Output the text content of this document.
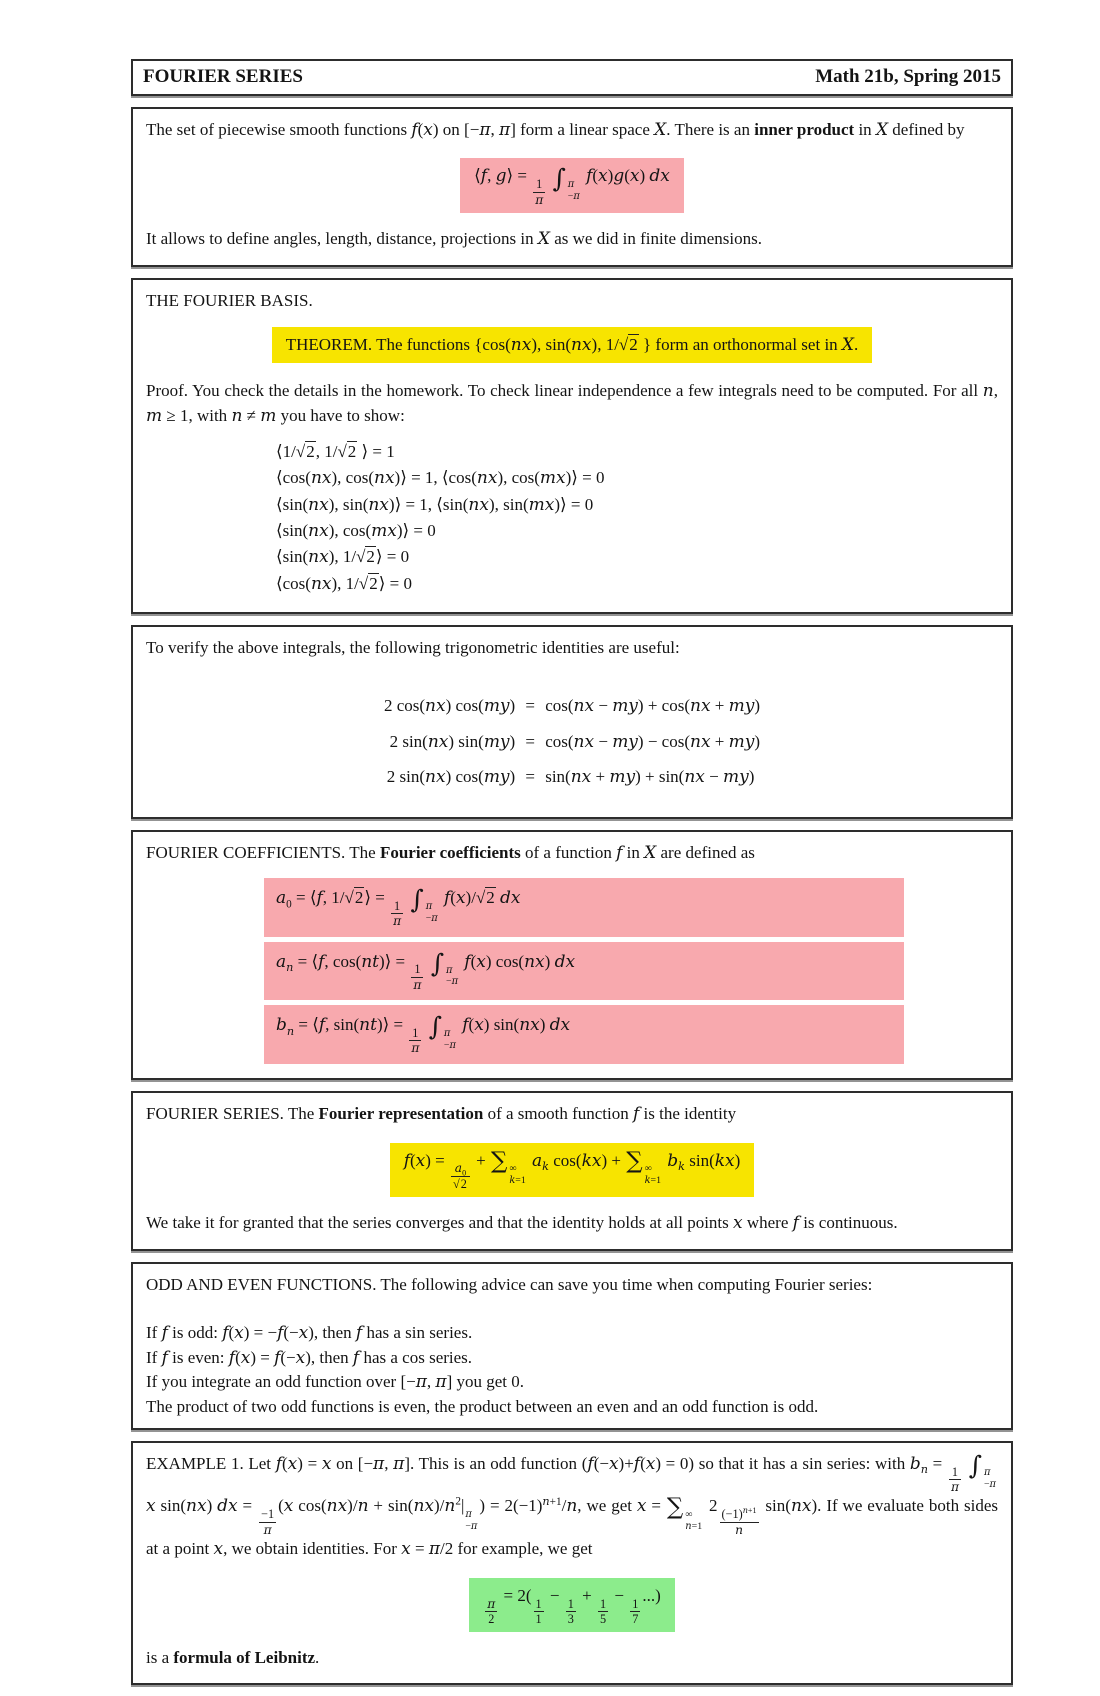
FOURIER SERIES	Math 21b, Spring 2015

The set of piecewise smooth functions f(x) on [−π, π] form a linear space X. There is an inner product in X defined by

⟨f, g⟩ =
$\frac{1}{\pi}$ ∫ π
−π
f(x)g(x) dx

It allows to define angles, length, distance, projections in X as we did in finite dimensions.

THE FOURIER BASIS.

THEOREM. The functions {cos(nx), sin(nx), 1/√2 } form an orthonormal set in X.

Proof. You check the details in the homework. To check linear independence a few integrals need to be computed. For all n, m ≥ 1, with n ≠ m you have to show:

⟨1/√2, 1/√2 ⟩ = 1
⟨cos(nx), cos(nx)⟩ = 1, ⟨cos(nx), cos(mx)⟩ = 0
⟨sin(nx), sin(nx)⟩ = 1, ⟨sin(nx), sin(mx)⟩ = 0
⟨sin(nx), cos(mx)⟩ = 0
⟨sin(nx), 1/√2⟩ = 0
⟨cos(nx), 1/√2⟩ = 0

To verify the above integrals, the following trigonometric identities are useful:

2 cos(nx) cos(my) = cos(nx − my) + cos(nx + my)
2 sin(nx) sin(my) = cos(nx − my) − cos(nx + my)
2 sin(nx) cos(my) = sin(nx + my) + sin(nx − my)

FOURIER COEFFICIENTS. The Fourier coefficients of a function f in X are defined as

$a_0$ = ⟨f, 1/√2⟩ =
$\frac{1}{\pi}$ ∫ π
−π
f(x)/√2 dx
$a_n$ = ⟨f, cos(nt)⟩ =
$\frac{1}{\pi}$ ∫ π
−π
f(x) cos(nx) dx
$b_n$ = ⟨f, sin(nt)⟩ =
$\frac{1}{\pi}$ ∫ π
−π
f(x) sin(nx) dx

FOURIER SERIES. The Fourier representation of a smooth function f is the identity

f(x) =
$\frac{a_0}{√2}$
+ ∑ ∞
k=1
$a_k$ cos(kx) + ∑ ∞
k=1
$b_k$ sin(kx)

We take it for granted that the series converges and that the identity holds at all points x where f is continuous.

ODD AND EVEN FUNCTIONS. The following advice can save you time when computing Fourier series:

If f is odd: f(x) = −f(−x), then f has a sin series.

If f is even: f(x) = f(−x), then f has a cos series.

If you integrate an odd function over [−π, π] you get 0.

The product of two odd functions is even, the product between an even and an odd function is odd.

EXAMPLE 1. Let f(x) = x on [−π, π]. This is an odd function (f(−x)+f(x) = 0) so that it has a sin series: with $b_n$ =
$\frac{1}{\pi}$ ∫ π
−π
x sin(nx) dx =
$\frac{-1}{\pi}$
(x $\cos(nx)/n + \sin(nx)/n^2|$ π
−π
) = $2(-1)^{n+1}/n$, we get x = ∑ ∞
n=1
2
$\frac{(-1)^{n+1}}{n}$
sin(nx). If we evaluate both sides at a point x, we obtain identities. For x = π/2 for example, we get

$\frac{\pi}{2}$
= 2(
$\frac{1}{1}$
−
$\frac{1}{3}$
+
$\frac{1}{5}$
−
$\frac{1}{7}$
...)

is a formula of Leibnitz.
